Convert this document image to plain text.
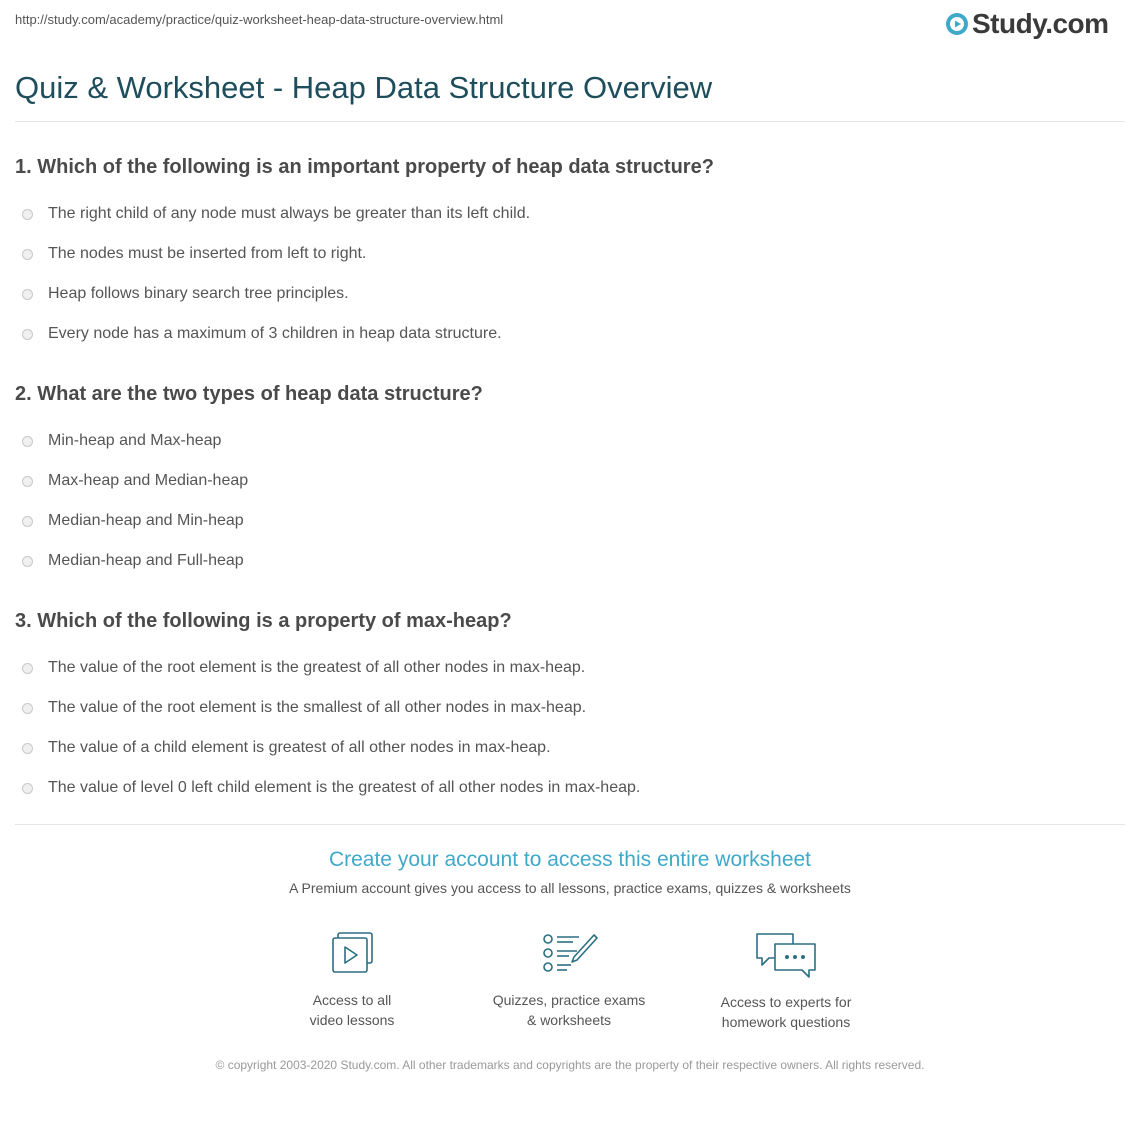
http://study.com/academy/practice/quiz-worksheet-heap-data-structure-overview.html	Study.com
Quiz & Worksheet - Heap Data Structure Overview

1. Which of the following is an important property of heap data structure?

The right child of any node must always be greater than its left child.
The nodes must be inserted from left to right.
Heap follows binary search tree principles.
Every node has a maximum of 3 children in heap data structure.

2. What are the two types of heap data structure?

Min-heap and Max-heap
Max-heap and Median-heap
Median-heap and Min-heap
Median-heap and Full-heap

3. Which of the following is a property of max-heap?

The value of the root element is the greatest of all other nodes in max-heap.
The value of the root element is the smallest of all other nodes in max-heap.
The value of a child element is greatest of all other nodes in max-heap.
The value of level 0 left child element is the greatest of all other nodes in max-heap.

Create your account to access this entire worksheet

A Premium account gives you access to all lessons, practice exams, quizzes & worksheets

Access to all
video lessons
Quizzes, practice exams
& worksheets
Access to experts for
homework questions
© copyright 2003-2020 Study.com. All other trademarks and copyrights are the property of their respective owners. All rights reserved.
